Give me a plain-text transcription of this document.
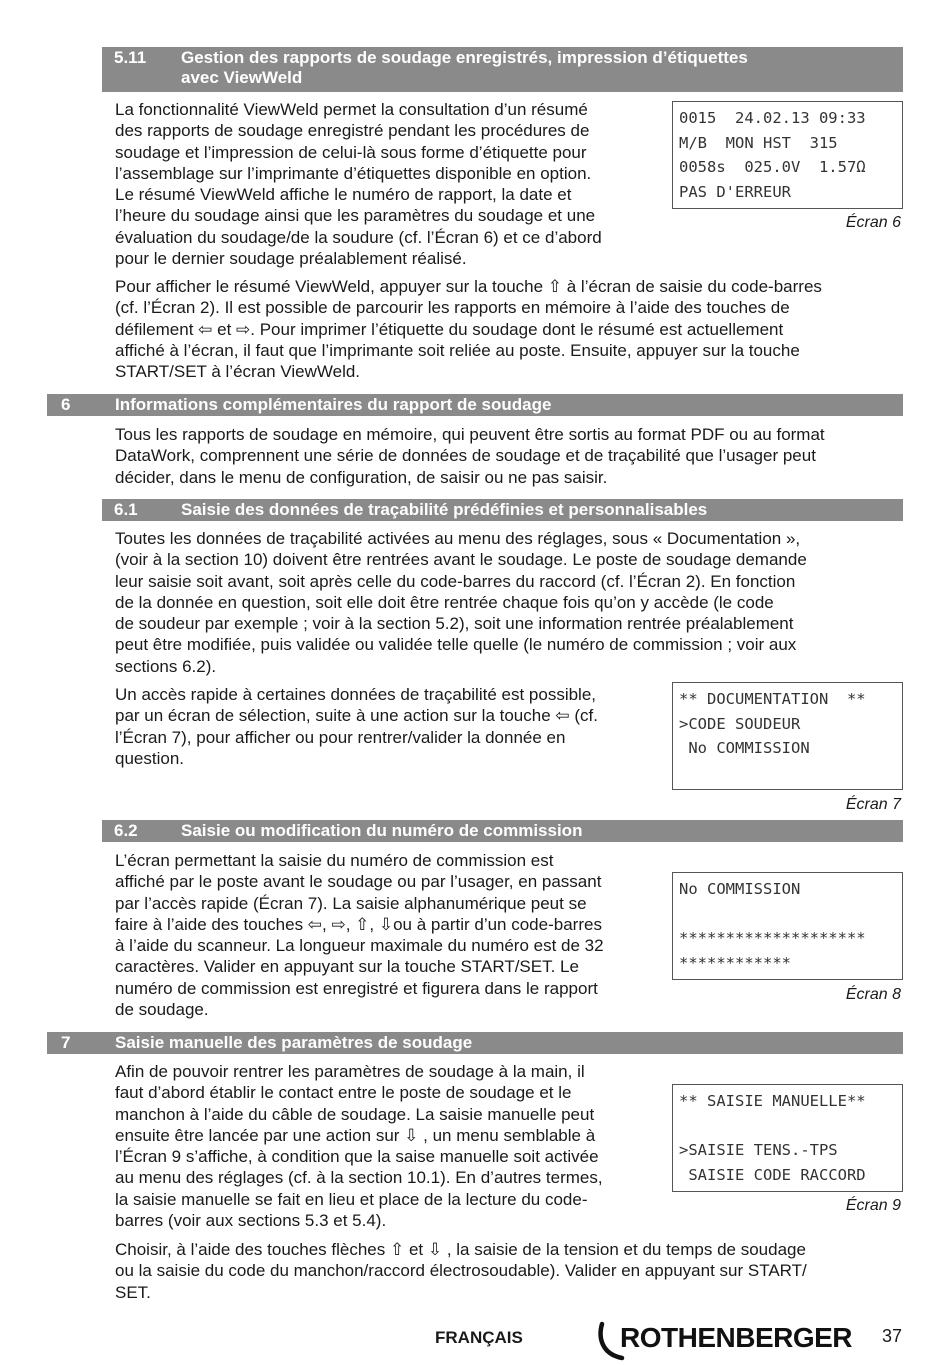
5.11 Gestion des rapports de soudage enregistrés, impression d’étiquettes
avec ViewWeld

La fonctionnalité ViewWeld permet la consultation d’un résumé
des rapports de soudage enregistré pendant les procédures de
soudage et l’impression de celui-là sous forme d’étiquette pour
l’assemblage sur l’imprimante d’étiquettes disponible en option.
Le résumé ViewWeld affiche le numéro de rapport, la date et
l’heure du soudage ainsi que les paramètres du soudage et une
évaluation du soudage/de la soudure (cf. l’Écran 6) et ce d’abord
pour le dernier soudage préalablement réalisé.

0015  24.02.13 09:33
M/B  MON HST  315
0058s  025.0V  1.57Ω
PAS D'ERREUR
Écran 6

Pour afficher le résumé ViewWeld, appuyer sur la touche ⇧ à l’écran de saisie du code-barres
(cf. l’Écran 2). Il est possible de parcourir les rapports en mémoire à l’aide des touches de
défilement ⇦ et ⇨. Pour imprimer l’étiquette du soudage dont le résumé est actuellement
affiché à l’écran, il faut que l’imprimante soit reliée au poste. Ensuite, appuyer sur la touche
START/SET à l’écran ViewWeld.

6	Informations complémentaires du rapport de soudage

Tous les rapports de soudage en mémoire, qui peuvent être sortis au format PDF ou au format
DataWork, comprennent une série de données de soudage et de traçabilité que l’usager peut
décider, dans le menu de configuration, de saisir ou ne pas saisir.

6.1	Saisie des données de traçabilité prédéfinies et personnalisables

Toutes les données de traçabilité activées au menu des réglages, sous « Documentation »,
(voir à la section 10) doivent être rentrées avant le soudage. Le poste de soudage demande
leur saisie soit avant, soit après celle du code-barres du raccord (cf. l’Écran 2). En fonction
de la donnée en question, soit elle doit être rentrée chaque fois qu’on y accède (le code
de soudeur par exemple ; voir à la section 5.2), soit une information rentrée préalablement
peut être modifiée, puis validée ou validée telle quelle (le numéro de commission ; voir aux
sections 6.2).

Un accès rapide à certaines données de traçabilité est possible,
par un écran de sélection, suite à une action sur la touche ⇦ (cf.
l’Écran 7), pour afficher ou pour rentrer/valider la donnée en
question.

** DOCUMENTATION  **
>CODE SOUDEUR
No COMMISSION
Écran 7
6.2	Saisie ou modification du numéro de commission

L’écran permettant la saisie du numéro de commission est
affiché par le poste avant le soudage ou par l’usager, en passant
par l’accès rapide (Écran 7). La saisie alphanumérique peut se
faire à l’aide des touches ⇦, ⇨, ⇧, ⇩ou à partir d’un code-barres
à l’aide du scanneur. La longueur maximale du numéro est de 32
caractères. Valider en appuyant sur la touche START/SET. Le
numéro de commission est enregistré et figurera dans le rapport
de soudage.

No COMMISSION
********************
************
Écran 8
7	Saisie manuelle des paramètres de soudage

Afin de pouvoir rentrer les paramètres de soudage à la main, il
faut d’abord établir le contact entre le poste de soudage et le
manchon à l’aide du câble de soudage. La saisie manuelle peut
ensuite être lancée par une action sur ⇩ , un menu semblable à
l’Écran 9 s’affiche, à condition que la saise manuelle soit activée
au menu des réglages (cf. à la section 10.1). En d’autres termes,
la saisie manuelle se fait en lieu et place de la lecture du code-
barres (voir aux sections 5.3 et 5.4).

** SAISIE MANUELLE**
>SAISIE TENS.-TPS
SAISIE CODE RACCORD
Écran 9

Choisir, à l’aide des touches flèches ⇧ et ⇩ , la saisie de la tension et du temps de soudage
ou la saisie du code du manchon/raccord électrosoudable). Valider en appuyant sur START/
SET.

FRANÇAIS	ROTHENBERGER 37
